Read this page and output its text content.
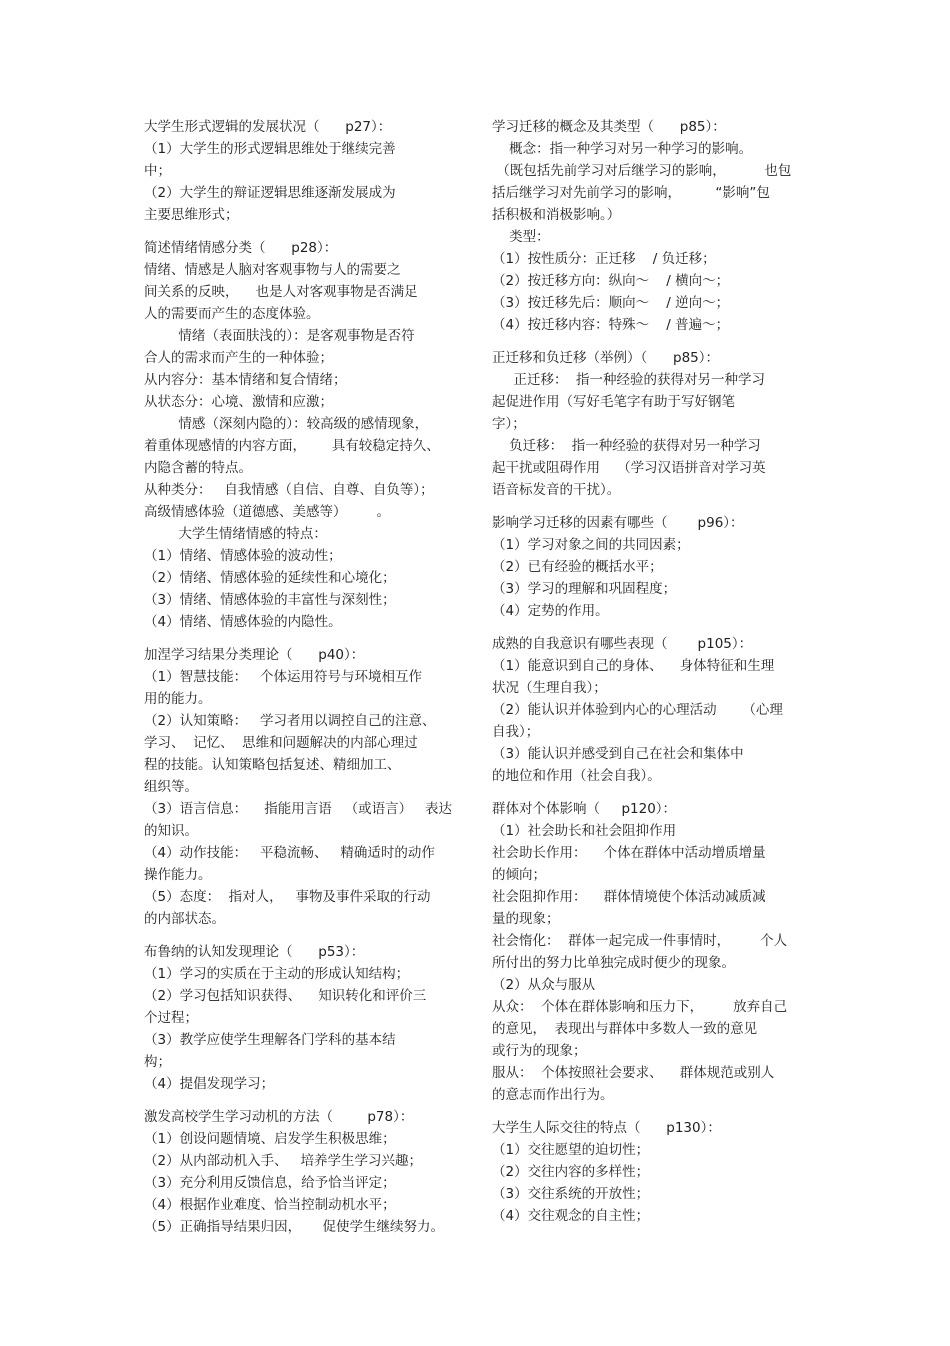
大学生形式逻辑的发展状况（      p27）：
（1）大学生的形式逻辑思维处于继续完善
中；
（2）大学生的辩证逻辑思维逐渐发展成为
主要思维形式；
简述情绪情感分类（      p28）：
情绪、情感是人脑对客观事物与人的需要之
间关系的反映，    也是人对客观事物是否满足
人的需要而产生的态度体验。
情绪（表面肤浅的）：是客观事物是否符
合人的需求而产生的一种体验；
从内容分：基本情绪和复合情绪；
从状态分：心境、激情和应激；
情感（深刻内隐的）：较高级的感情现象，
着重体现感情的内容方面，      具有较稳定持久、
内隐含蓄的特点。
从种类分：   自我情感（自信、自尊、自负等）；
高级情感体验（道德感、美感等）       。
大学生情绪情感的特点：
（1）情绪、情感体验的波动性；
（2）情绪、情感体验的延续性和心境化；
（3）情绪、情感体验的丰富性与深刻性；
（4）情绪、情感体验的内隐性。
加涅学习结果分类理论（      p40）：
（1）智慧技能：   个体运用符号与环境相互作
用的能力。
（2）认知策略：   学习者用以调控自己的注意、
学习、  记忆、  思维和问题解决的内部心理过
程的技能。认知策略包括复述、精细加工、
组织等。
（3）语言信息：    指能用言语   （或语言）   表达
的知识。
（4）动作技能：   平稳流畅、   精确适时的动作
操作能力。
（5）态度：  指对人，   事物及事件采取的行动
的内部状态。
布鲁纳的认知发现理论（      p53）：
（1）学习的实质在于主动的形成认知结构；
（2）学习包括知识获得、    知识转化和评价三
个过程；
（3）教学应使学生理解各门学科的基本结
构；
（4）提倡发现学习；
激发高校学生学习动机的方法（        p78）：
（1）创设问题情境、启发学生积极思维；
（2）从内部动机入手、   培养学生学习兴趣；
（3）充分利用反馈信息，给予恰当评定；
（4）根据作业难度、恰当控制动机水平；
（5）正确指导结果归因，     促使学生继续努力。
学习迁移的概念及其类型（      p85）：
概念：指一种学习对另一种学习的影响。
（既包括先前学习对后继学习的影响，         也包
括后继学习对先前学习的影响，        “影响”包
括积极和消极影响。）
类型：
（1）按性质分：正迁移    / 负迁移；
（2）按迁移方向：纵向～    / 横向～；
（3）按迁移先后：顺向～    / 逆向～；
（4）按迁移内容：特殊～    / 普遍～；
正迁移和负迁移（举例）（      p85）：
正迁移：  指一种经验的获得对另一种学习
起促进作用（写好毛笔字有助于写好钢笔
字）；
负迁移：  指一种经验的获得对另一种学习
起干扰或阻碍作用    （学习汉语拼音对学习英
语音标发音的干扰）。
影响学习迁移的因素有哪些（       p96）：
（1）学习对象之间的共同因素；
（2）已有经验的概括水平；
（3）学习的理解和巩固程度；
（4）定势的作用。
成熟的自我意识有哪些表现（       p105）：
（1）能意识到自己的身体、    身体特征和生理
状况（生理自我）；
（2）能认识并体验到内心的心理活动      （心理
自我）；
（3）能认识并感受到自己在社会和集体中
的地位和作用（社会自我）。
群体对个体影响（     p120）：
（1）社会助长和社会阻抑作用
社会助长作用：    个体在群体中活动增质增量
的倾向；
社会阻抑作用：    群体情境使个体活动减质减
量的现象；
社会惰化：  群体一起完成一件事情时，       个人
所付出的努力比单独完成时便少的现象。
（2）从众与服从
从众：  个体在群体影响和压力下，       放弃自己
的意见，  表现出与群体中多数人一致的意见
或行为的现象；
服从：  个体按照社会要求、    群体规范或别人
的意志而作出行为。
大学生人际交往的特点（      p130）：
（1）交往愿望的迫切性；
（2）交往内容的多样性；
（3）交往系统的开放性；
（4）交往观念的自主性；
